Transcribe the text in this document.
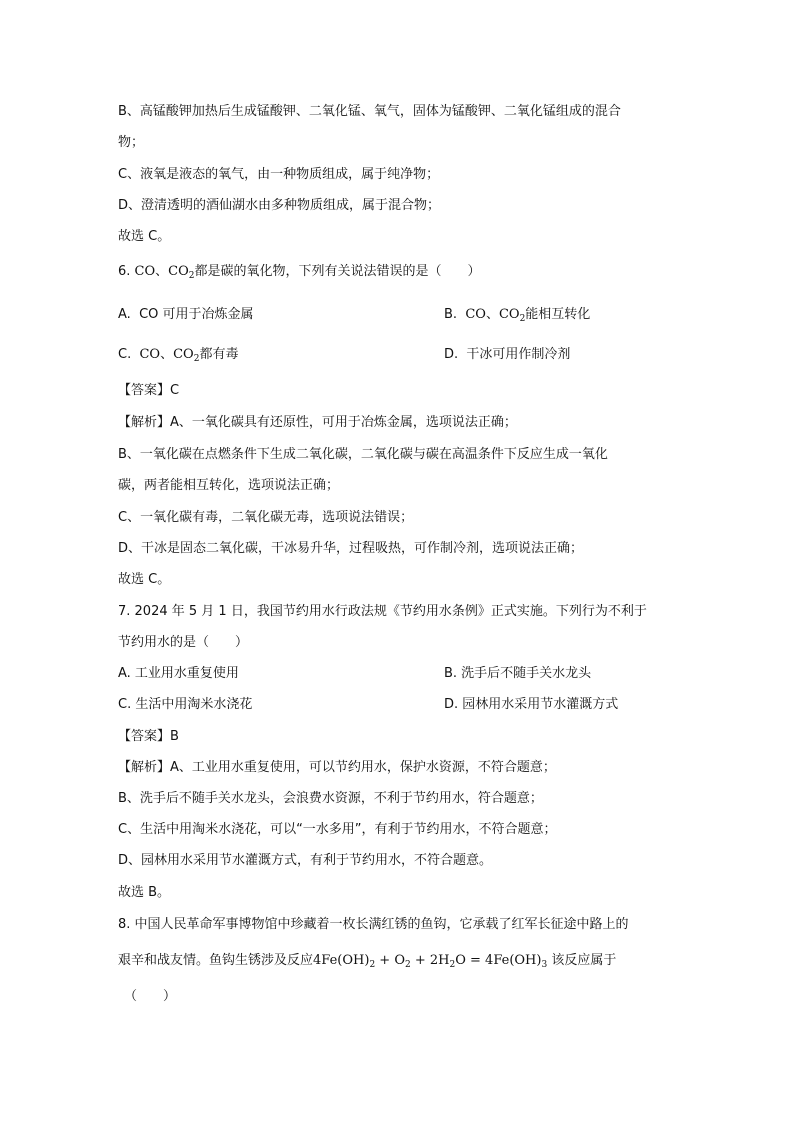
B、高锰酸钾加热后生成锰酸钾、二氧化锰、氧气，固体为锰酸钾、二氧化锰组成的混合
物；
C、液氧是液态的氧气，由一种物质组成，属于纯净物；
D、澄清透明的酒仙湖水由多种物质组成，属于混合物；
故选 C。
6. CO、$CO_2$都是碳的氧化物，下列有关说法错误的是（　　）
A. CO 可用于冶炼金属	B. CO、$CO_2$能相互转化
C. CO、$CO_2$都有毒	D. 干冰可用作制冷剂
【答案】C
【解析】A、一氧化碳具有还原性，可用于冶炼金属，选项说法正确；
B、一氧化碳在点燃条件下生成二氧化碳，二氧化碳与碳在高温条件下反应生成一氧化
碳，两者能相互转化，选项说法正确；
C、一氧化碳有毒，二氧化碳无毒，选项说法错误；
D、干冰是固态二氧化碳，干冰易升华，过程吸热，可作制冷剂，选项说法正确；
故选 C。
7. 2024 年 5 月 1 日，我国节约用水行政法规《节约用水条例》正式实施。下列行为不利于
节约用水的是（　　）
A. 工业用水重复使用	B. 洗手后不随手关水龙头
C. 生活中用淘米水浇花	D. 园林用水采用节水灌溉方式
【答案】B
【解析】A、工业用水重复使用，可以节约用水，保护水资源，不符合题意；
B、洗手后不随手关水龙头，会浪费水资源，不利于节约用水，符合题意；
C、生活中用淘米水浇花，可以“一水多用”，有利于节约用水，不符合题意；
D、园林用水采用节水灌溉方式，有利于节约用水，不符合题意。
故选 B。
8. 中国人民革命军事博物馆中珍藏着一枚长满红锈的鱼钩，它承载了红军长征途中路上的
艰辛和战友情。鱼钩生锈涉及反应$4Fe(OH)_2 + O_2 + 2H_2O = 4Fe(OH)_3$ 该反应属于
（　　）
